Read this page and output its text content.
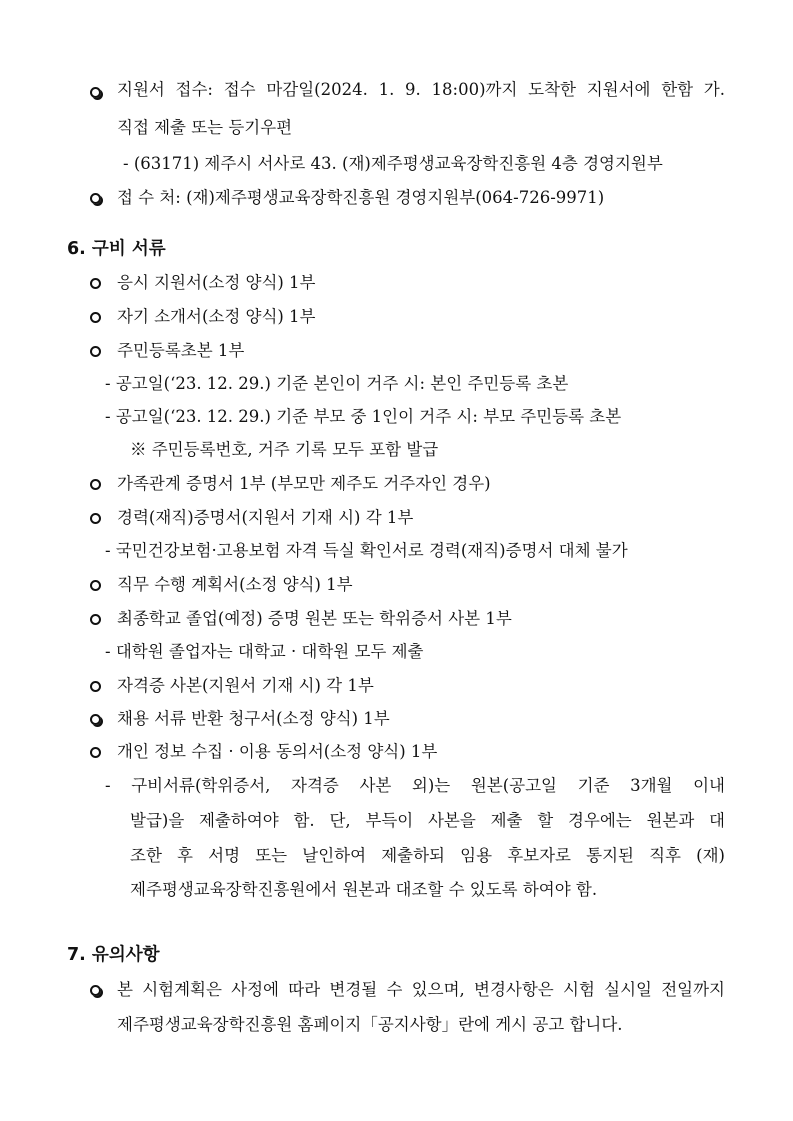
지원서 접수: 접수 마감일(2024. 1. 9. 18:00)까지 도착한 지원서에 한함 가.
직접 제출 또는 등기우편
- (63171) 제주시 서사로 43. (재)제주평생교육장학진흥원 4층 경영지원부
접 수 처: (재)제주평생교육장학진흥원 경영지원부(064-726-9971)
6. 구비 서류
응시 지원서(소정 양식) 1부
자기 소개서(소정 양식) 1부
주민등록초본 1부
- 공고일(‘23. 12. 29.) 기준 본인이 거주 시: 본인 주민등록 초본
- 공고일(‘23. 12. 29.) 기준 부모 중 1인이 거주 시: 부모 주민등록 초본
※ 주민등록번호, 거주 기록 모두 포함 발급
가족관계 증명서 1부 (부모만 제주도 거주자인 경우)
경력(재직)증명서(지원서 기재 시) 각 1부
- 국민건강보험·고용보험 자격 득실 확인서로 경력(재직)증명서 대체 불가
직무 수행 계획서(소정 양식) 1부
최종학교 졸업(예정) 증명 원본 또는 학위증서 사본 1부
- 대학원 졸업자는 대학교 · 대학원 모두 제출
자격증 사본(지원서 기재 시) 각 1부
채용 서류 반환 청구서(소정 양식) 1부
개인 정보 수집 · 이용 동의서(소정 양식) 1부
- 구비서류(학위증서, 자격증 사본 외)는 원본(공고일 기준 3개월 이내
발급)을 제출하여야 함. 단, 부득이 사본을 제출 할 경우에는 원본과 대
조한 후 서명 또는 날인하여 제출하되 임용 후보자로 통지된 직후 (재)
제주평생교육장학진흥원에서 원본과 대조할 수 있도록 하여야 함.
7. 유의사항
본 시험계획은 사정에 따라 변경될 수 있으며, 변경사항은 시험 실시일 전일까지
제주평생교육장학진흥원 홈페이지「공지사항」란에 게시 공고 합니다.
